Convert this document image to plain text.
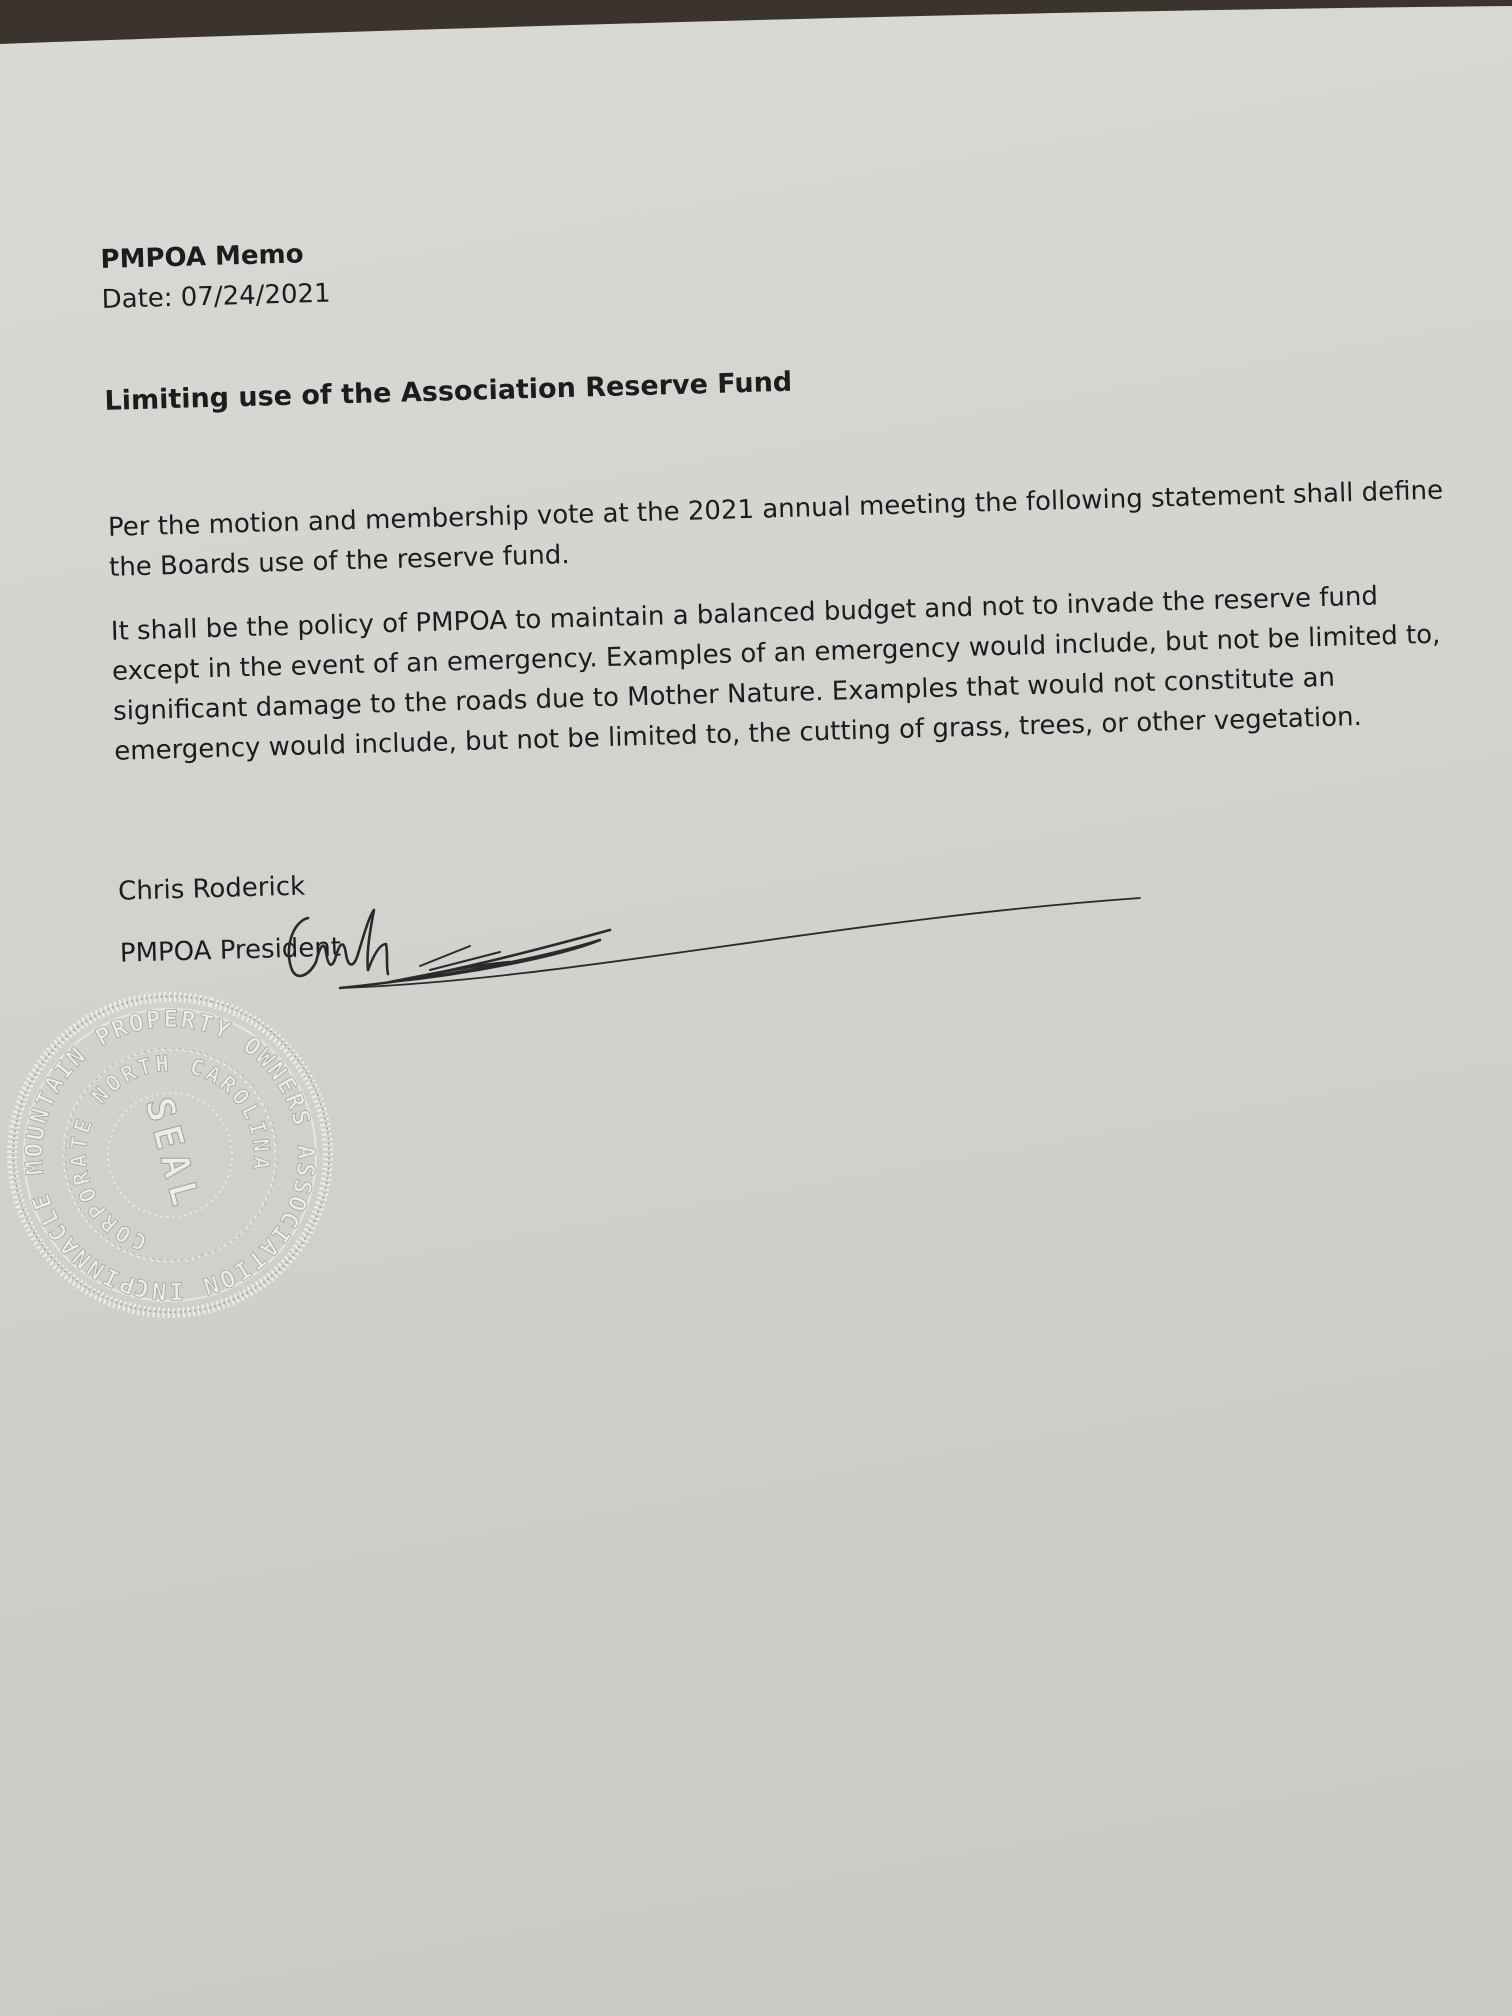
PMPOA Memo

Date: 07/24/2021

Limiting use of the Association Reserve Fund

Per the motion and membership vote at the 2021 annual meeting the following statement shall define the Boards use of the reserve fund.

It shall be the policy of PMPOA to maintain a balanced budget and not to invade the reserve fund except in the event of an emergency. Examples of an emergency would include, but not be limited to, significant damage to the roads due to Mother Nature. Examples that would not constitute an emergency would include, but not be limited to, the cutting of grass, trees, or other vegetation.

Chris Roderick

PMPOA President

PINNACLE MOUNTAIN PROPERTY OWNERS ASSOCIATION INC
CORPORATE NORTH CAROLINA
SEAL
